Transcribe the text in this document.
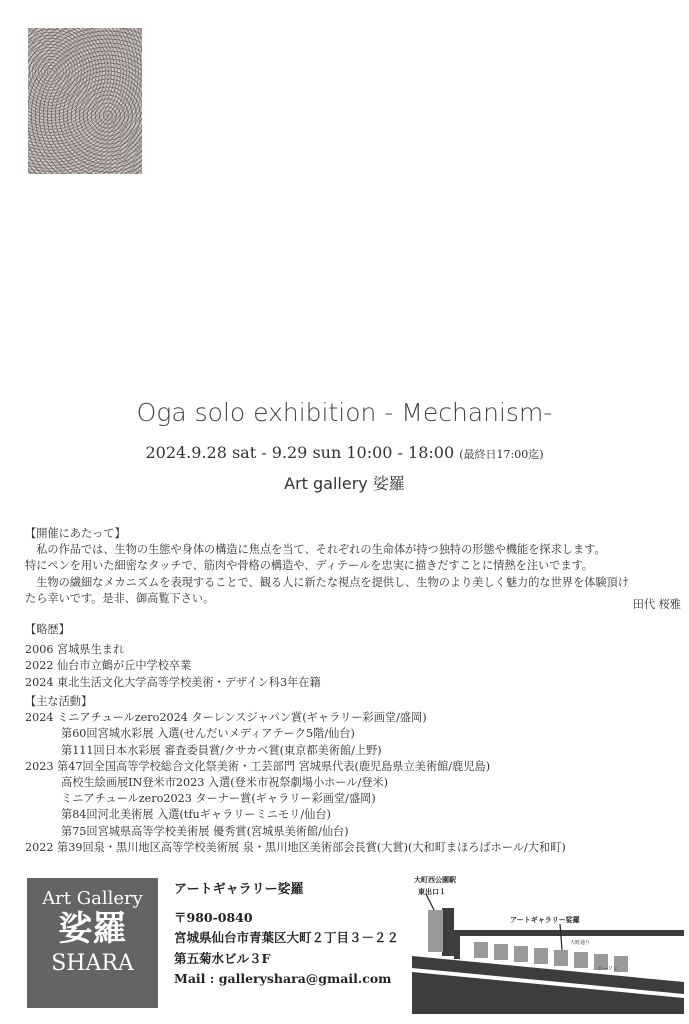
Oga solo exhibition - Mechanism-
2024.9.28 sat - 9.29 sun 10:00 - 18:00 (最終日17:00迄)
Art gallery 娑羅
【開催にあたって】
　私の作品では、生物の生態や身体の構造に焦点を当て、それぞれの生命体が持つ独特の形態や機能を探求します。
特にペンを用いた細密なタッチで、筋肉や骨格の構造や、ディテールを忠実に描きだすことに情熱を注いでます。
　生物の繊細なメカニズムを表現することで、観る人に新たな視点を提供し、生物のより美しく魅力的な世界を体験頂け
たら幸いです。是非、御高覧下さい。	田代 桜雅
【略歴】
2006 宮城県生まれ
2022 仙台市立鶴が丘中学校卒業
2024 東北生活文化大学高等学校美術・デザイン科3年在籍
【主な活動】
2024 ミニアチュールzero2024 ターレンスジャパン賞(ギャラリー彩画堂/盛岡)
第60回宮城水彩展 入選(せんだいメディアテーク5階/仙台)
第111回日本水彩展 審査委員賞/クサカベ賞(東京都美術館/上野)
2023 第47回全国高等学校総合文化祭美術・工芸部門 宮城県代表(鹿児島県立美術館/鹿児島)
高校生絵画展IN登米市2023 入選(登米市祝祭劇場小ホール/登米)
ミニアチュールzero2023 ターナー賞(ギャラリー彩画堂/盛岡)
第84回河北美術展 入選(tfuギャラリーミニモリ/仙台)
第75回宮城県高等学校美術展 優秀賞(宮城県美術館/仙台)
2022 第39回泉・黒川地区高等学校美術展 泉・黒川地区美術部会長賞(大賞)(大和町まほろばホール/大和町)
Art Gallery
娑羅
SHARA
アートギャラリー娑羅
〒980-0840
宮城県仙台市青葉区大町２丁目３－２２
第五菊水ビル３F
Mail : galleryshara@gmail.com
大町西公園駅
東出口１
アートギャラリー娑羅
大町通り
ローソン
